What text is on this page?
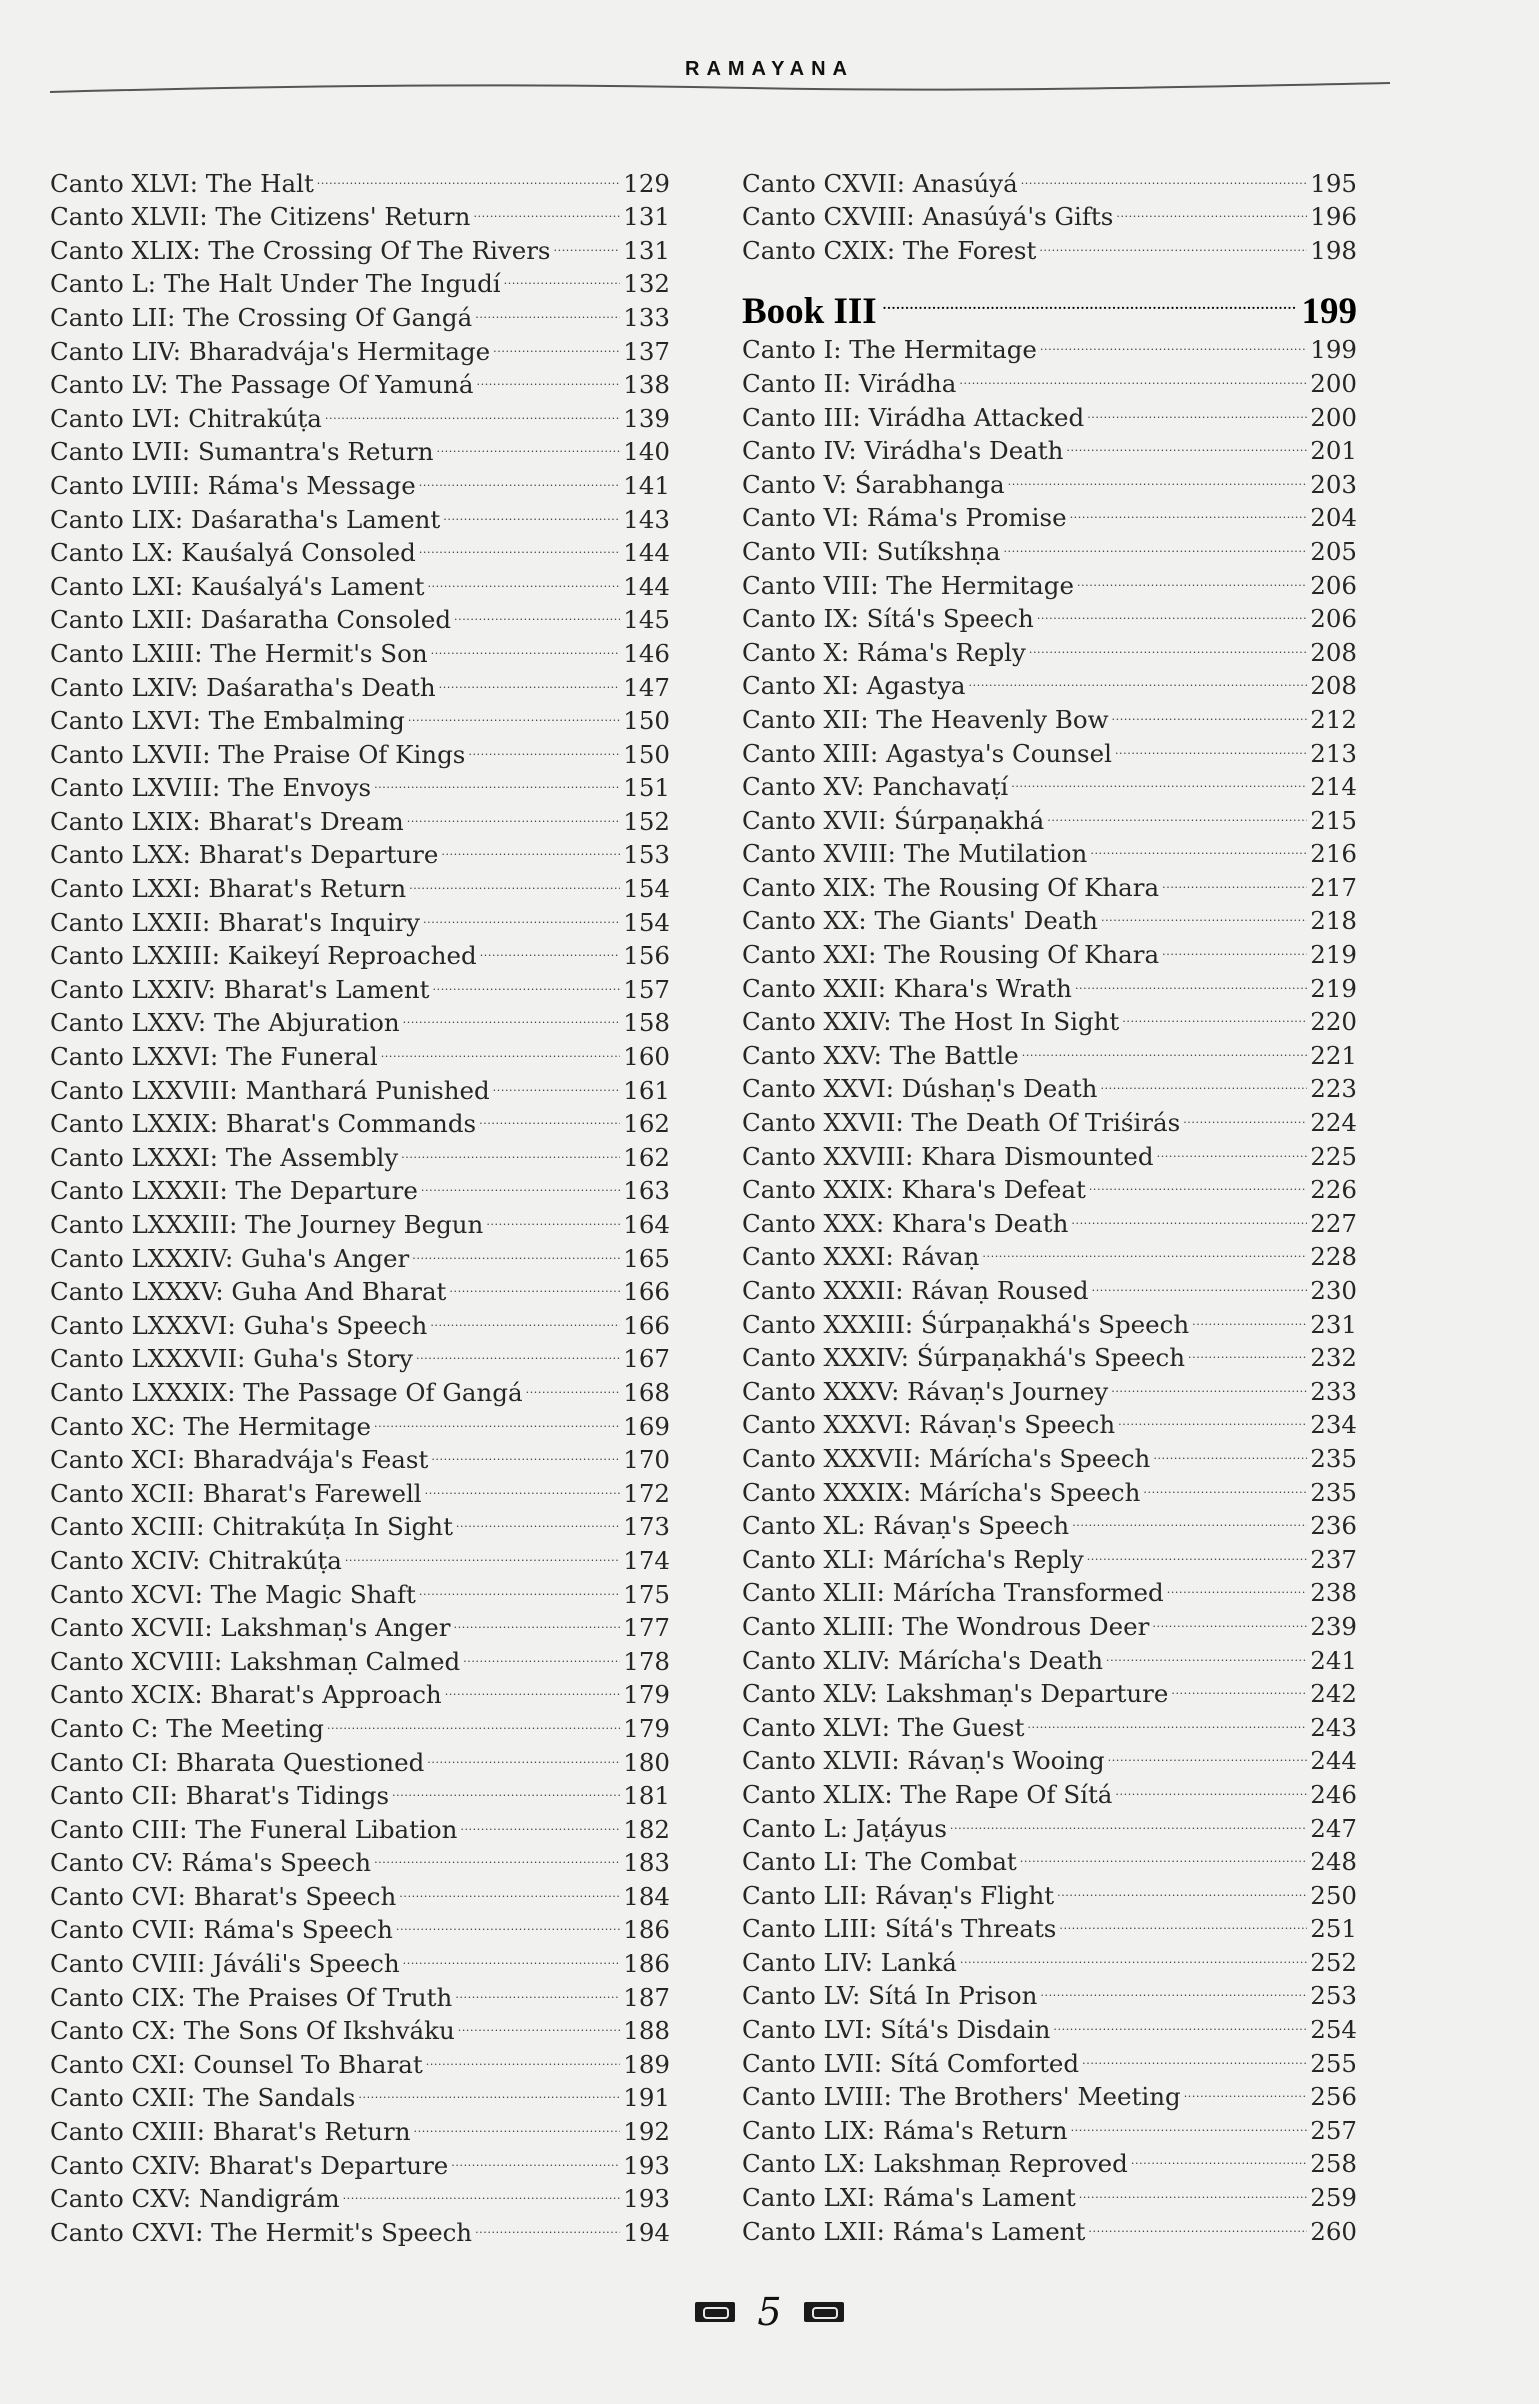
RAMAYANA
Canto XLVI: The Halt .....	129
Canto XLVII: The Citizens' Return .....	131
Canto XLIX: The Crossing Of The Rivers .....	131
Canto L: The Halt Under The Ingudí .....	132
Canto LII: The Crossing Of Gangá .....	133
Canto LIV: Bharadvája's Hermitage .....	137
Canto LV: The Passage Of Yamuná .....	138
Canto LVI: Chitrakúṭa .....	139
Canto LVII: Sumantra's Return .....	140
Canto LVIII: Ráma's Message .....	141
Canto LIX: Daśaratha's Lament .....	143
Canto LX: Kauśalyá Consoled .....	144
Canto LXI: Kauśalyá's Lament .....	144
Canto LXII: Daśaratha Consoled .....	145
Canto LXIII: The Hermit's Son .....	146
Canto LXIV: Daśaratha's Death .....	147
Canto LXVI: The Embalming .....	150
Canto LXVII: The Praise Of Kings .....	150
Canto LXVIII: The Envoys .....	151
Canto LXIX: Bharat's Dream .....	152
Canto LXX: Bharat's Departure .....	153
Canto LXXI: Bharat's Return .....	154
Canto LXXII: Bharat's Inquiry .....	154
Canto LXXIII: Kaikeyí Reproached .....	156
Canto LXXIV: Bharat's Lament .....	157
Canto LXXV: The Abjuration .....	158
Canto LXXVI: The Funeral .....	160
Canto LXXVIII: Manthará Punished .....	161
Canto LXXIX: Bharat's Commands .....	162
Canto LXXXI: The Assembly .....	162
Canto LXXXII: The Departure .....	163
Canto LXXXIII: The Journey Begun .....	164
Canto LXXXIV: Guha's Anger .....	165
Canto LXXXV: Guha And Bharat .....	166
Canto LXXXVI: Guha's Speech .....	166
Canto LXXXVII: Guha's Story .....	167
Canto LXXXIX: The Passage Of Gangá .....	168
Canto XC: The Hermitage .....	169
Canto XCI: Bharadvája's Feast .....	170
Canto XCII: Bharat's Farewell .....	172
Canto XCIII: Chitrakúṭa In Sight .....	173
Canto XCIV: Chitrakúṭa .....	174
Canto XCVI: The Magic Shaft .....	175
Canto XCVII: Lakshmaṇ's Anger .....	177
Canto XCVIII: Lakshmaṇ Calmed .....	178
Canto XCIX: Bharat's Approach .....	179
Canto C: The Meeting .....	179
Canto CI: Bharata Questioned .....	180
Canto CII: Bharat's Tidings .....	181
Canto CIII: The Funeral Libation .....	182
Canto CV: Ráma's Speech .....	183
Canto CVI: Bharat's Speech .....	184
Canto CVII: Ráma's Speech .....	186
Canto CVIII: Jáváli's Speech .....	186
Canto CIX: The Praises Of Truth .....	187
Canto CX: The Sons Of Ikshváku .....	188
Canto CXI: Counsel To Bharat .....	189
Canto CXII: The Sandals .....	191
Canto CXIII: Bharat's Return .....	192
Canto CXIV: Bharat's Departure .....	193
Canto CXV: Nandigrám .....	193
Canto CXVI: The Hermit's Speech .....	194
Canto CXVII: Anasúyá .....	195
Canto CXVIII: Anasúyá's Gifts .....	196
Canto CXIX: The Forest .....	198
Book III .....	199
Canto I: The Hermitage .....	199
Canto II: Virádha .....	200
Canto III: Virádha Attacked .....	200
Canto IV: Virádha's Death .....	201
Canto V: Śarabhanga .....	203
Canto VI: Ráma's Promise .....	204
Canto VII: Sutíkshṇa .....	205
Canto VIII: The Hermitage .....	206
Canto IX: Sítá's Speech .....	206
Canto X: Ráma's Reply .....	208
Canto XI: Agastya .....	208
Canto XII: The Heavenly Bow .....	212
Canto XIII: Agastya's Counsel .....	213
Canto XV: Panchavaṭí .....	214
Canto XVII: Śúrpaṇakhá .....	215
Canto XVIII: The Mutilation .....	216
Canto XIX: The Rousing Of Khara .....	217
Canto XX: The Giants' Death .....	218
Canto XXI: The Rousing Of Khara .....	219
Canto XXII: Khara's Wrath .....	219
Canto XXIV: The Host In Sight .....	220
Canto XXV: The Battle .....	221
Canto XXVI: Dúshaṇ's Death .....	223
Canto XXVII: The Death Of Triśirás .....	224
Canto XXVIII: Khara Dismounted .....	225
Canto XXIX: Khara's Defeat .....	226
Canto XXX: Khara's Death .....	227
Canto XXXI: Rávaṇ .....	228
Canto XXXII: Rávaṇ Roused .....	230
Canto XXXIII: Śúrpaṇakhá's Speech .....	231
Canto XXXIV: Śúrpaṇakhá's Speech .....	232
Canto XXXV: Rávaṇ's Journey .....	233
Canto XXXVI: Rávaṇ's Speech .....	234
Canto XXXVII: Márícha's Speech .....	235
Canto XXXIX: Márícha's Speech .....	235
Canto XL: Rávaṇ's Speech .....	236
Canto XLI: Márícha's Reply .....	237
Canto XLII: Márícha Transformed .....	238
Canto XLIII: The Wondrous Deer .....	239
Canto XLIV: Márícha's Death .....	241
Canto XLV: Lakshmaṇ's Departure .....	242
Canto XLVI: The Guest .....	243
Canto XLVII: Rávaṇ's Wooing .....	244
Canto XLIX: The Rape Of Sítá .....	246
Canto L: Jaṭáyus .....	247
Canto LI: The Combat .....	248
Canto LII: Rávaṇ's Flight .....	250
Canto LIII: Sítá's Threats .....	251
Canto LIV: Lanká .....	252
Canto LV: Sítá In Prison .....	253
Canto LVI: Sítá's Disdain .....	254
Canto LVII: Sítá Comforted .....	255
Canto LVIII: The Brothers' Meeting .....	256
Canto LIX: Ráma's Return .....	257
Canto LX: Lakshmaṇ Reproved .....	258
Canto LXI: Ráma's Lament .....	259
Canto LXII: Ráma's Lament .....	260
5
